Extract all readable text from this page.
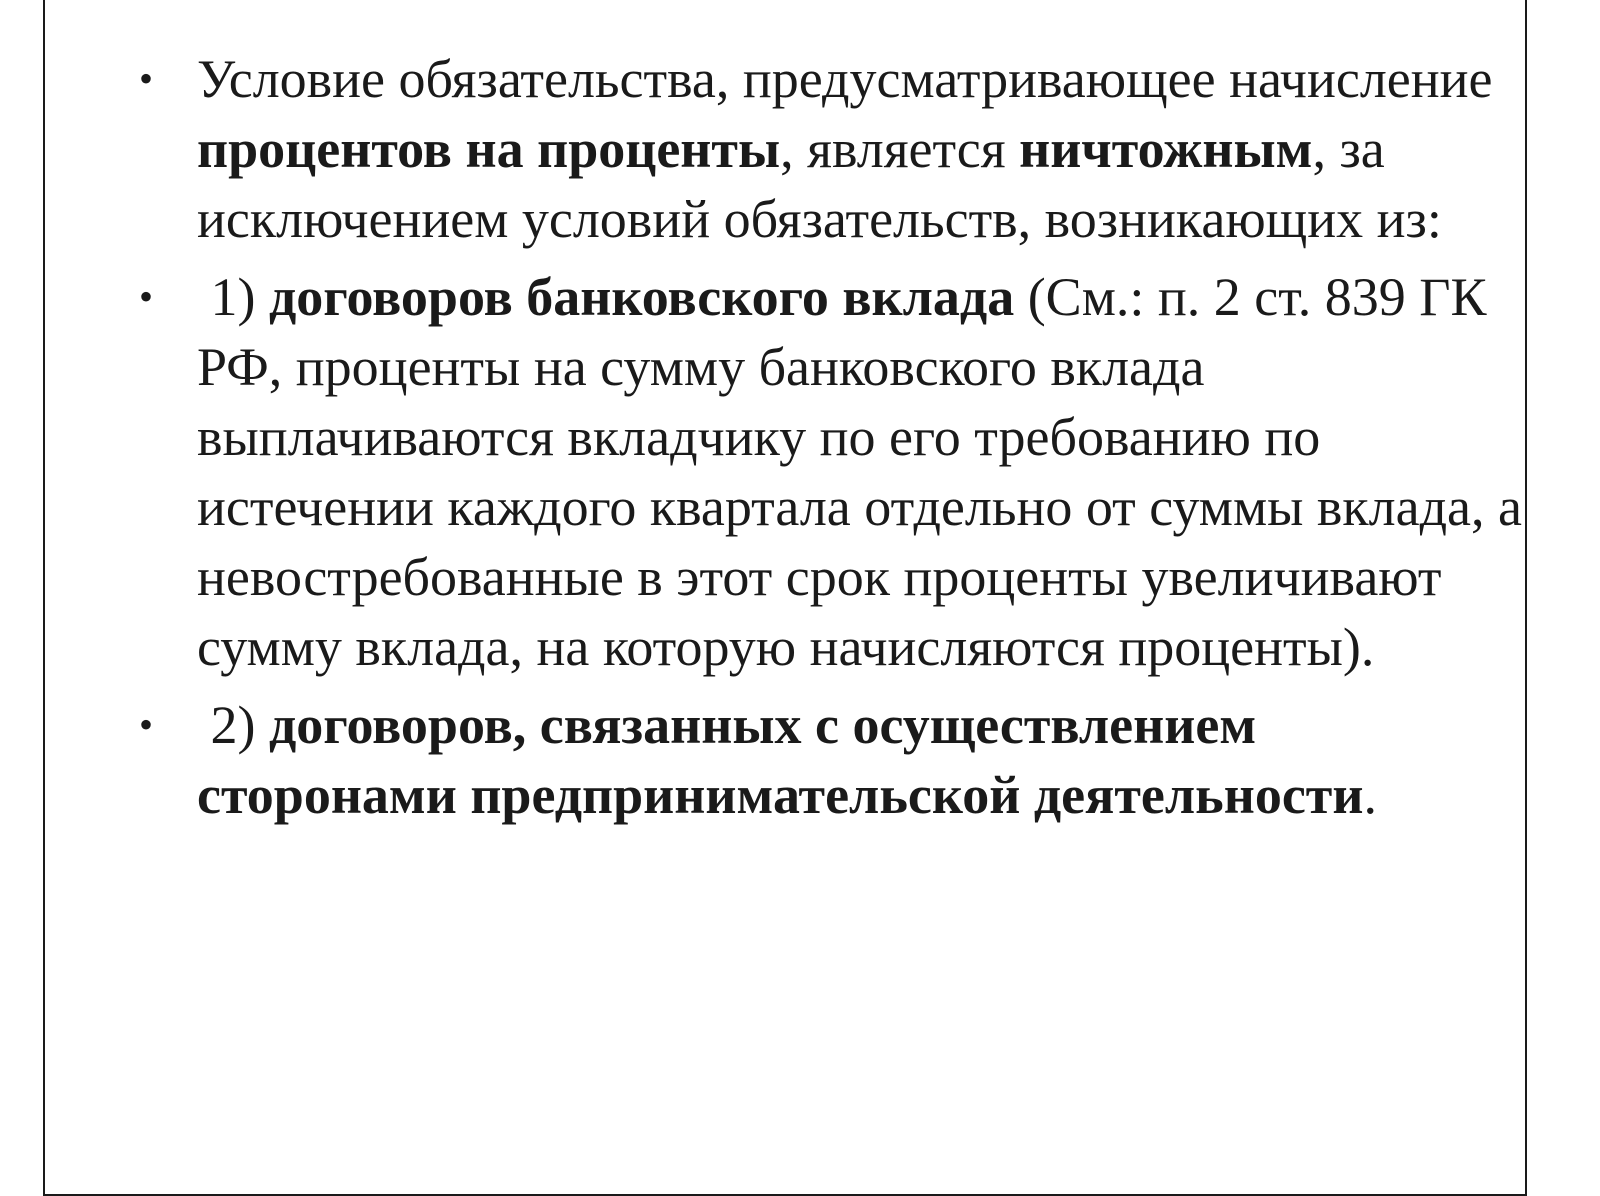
• Условие обязательства, предусматривающее начисление процентов на проценты, является ничтожным, за исключением условий обязательств, возникающих из:
• 1) договоров банковского вклада (См.: п. 2 ст. 839 ГК РФ, проценты на сумму банковского вклада выплачиваются вкладчику по его требованию по истечении каждого квартала отдельно от суммы вклада, а невостребованные в этот срок проценты увеличивают сумму вклада, на которую начисляются проценты).
• 2) договоров, связанных с осуществлением сторонами предпринимательской деятельности.
